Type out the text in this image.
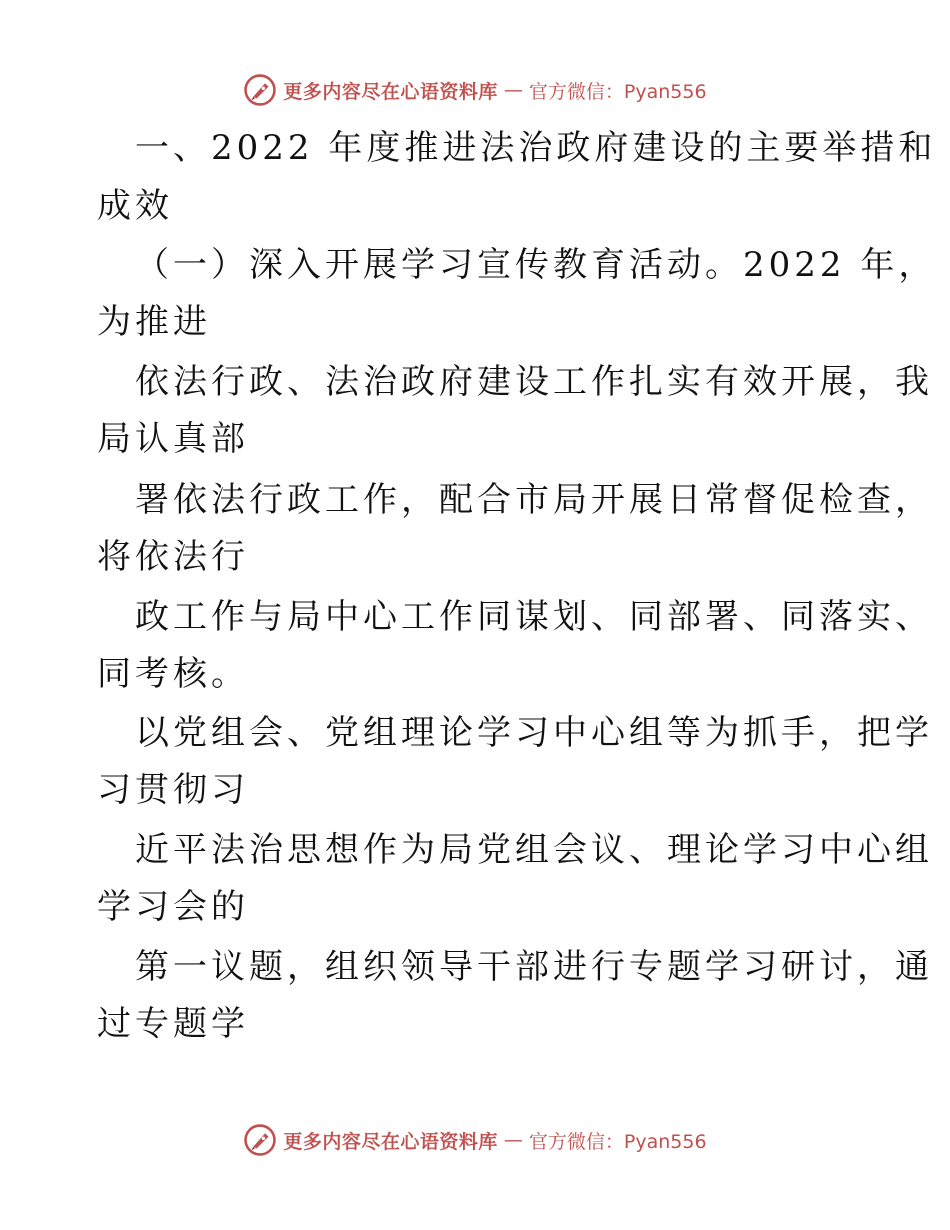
更多内容尽在心语资料库 — 官方微信：Pyan556
一、2022 年度推进法治政府建设的主要举措和
成效
（一）深入开展学习宣传教育活动。2022 年，
为推进
依法行政、法治政府建设工作扎实有效开展，我
局认真部
署依法行政工作，配合市局开展日常督促检查，
将依法行
政工作与局中心工作同谋划、同部署、同落实、
同考核。
以党组会、党组理论学习中心组等为抓手，把学
习贯彻习
近平法治思想作为局党组会议、理论学习中心组
学习会的
第一议题，组织领导干部进行专题学习研讨，通
过专题学
更多内容尽在心语资料库 — 官方微信：Pyan556
